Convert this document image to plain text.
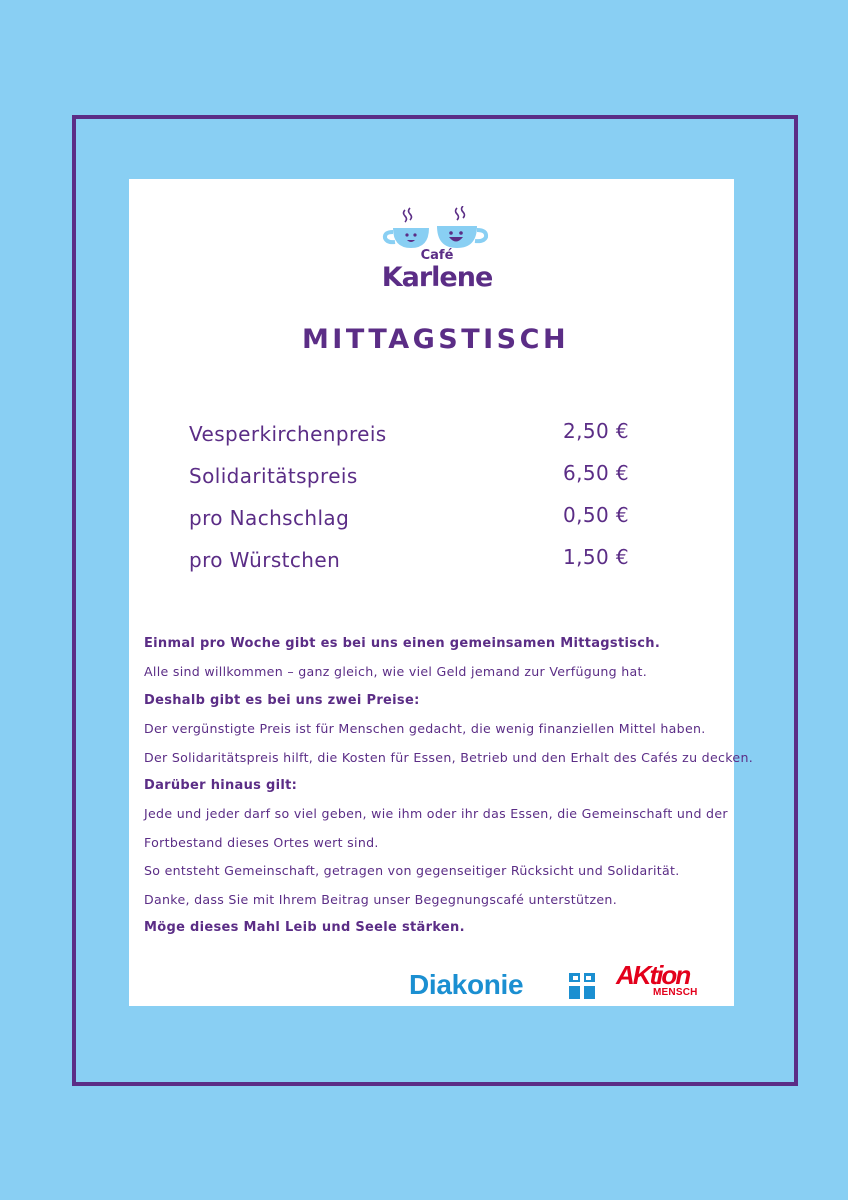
Café
Karlene
MITTAGSTISCH
Vesperkirchenpreis	2,50 €
Solidaritätspreis	6,50 €
pro Nachschlag	0,50 €
pro Würstchen	1,50 €
Einmal pro Woche gibt es bei uns einen gemeinsamen Mittagstisch.
Alle sind willkommen – ganz gleich, wie viel Geld jemand zur Verfügung hat.
Deshalb gibt es bei uns zwei Preise:
Der vergünstigte Preis ist für Menschen gedacht, die wenig finanziellen Mittel haben.
Der Solidaritätspreis hilft, die Kosten für Essen, Betrieb und den Erhalt des Cafés zu decken.
Darüber hinaus gilt:
Jede und jeder darf so viel geben, wie ihm oder ihr das Essen, die Gemeinschaft und der
Fortbestand dieses Ortes wert sind.
So entsteht Gemeinschaft, getragen von gegenseitiger Rücksicht und Solidarität.
Danke, dass Sie mit Ihrem Beitrag unser Begegnungscafé unterstützen.
Möge dieses Mahl Leib und Seele stärken.
Diakonie	AKtion
MENSCH
